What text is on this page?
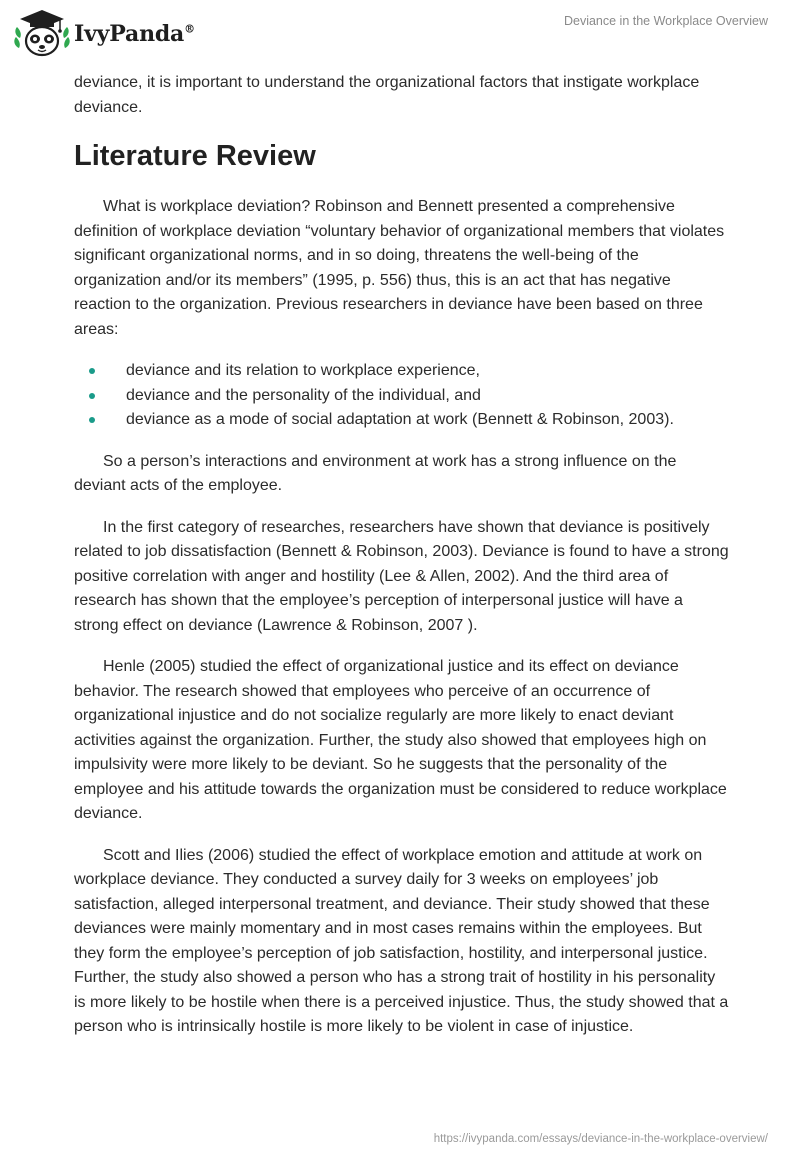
IvyPanda®
Deviance in the Workplace Overview

deviance, it is important to understand the organizational factors that instigate workplace deviance.

Literature Review

What is workplace deviation? Robinson and Bennett presented a comprehensive definition of workplace deviation “voluntary behavior of organizational members that violates significant organizational norms, and in so doing, threatens the well-being of the organization and/or its members” (1995, p. 556) thus, this is an act that has negative reaction to the organization. Previous researchers in deviance have been based on three areas:

deviance and its relation to workplace experience,
deviance and the personality of the individual, and
deviance as a mode of social adaptation at work (Bennett & Robinson, 2003).

So a person’s interactions and environment at work has a strong influence on the deviant acts of the employee.

In the first category of researches, researchers have shown that deviance is positively related to job dissatisfaction (Bennett & Robinson, 2003). Deviance is found to have a strong positive correlation with anger and hostility (Lee & Allen, 2002). And the third area of research has shown that the employee’s perception of interpersonal justice will have a strong effect on deviance (Lawrence & Robinson, 2007 ).

Henle (2005) studied the effect of organizational justice and its effect on deviance behavior. The research showed that employees who perceive of an occurrence of organizational injustice and do not socialize regularly are more likely to enact deviant activities against the organization. Further, the study also showed that employees high on impulsivity were more likely to be deviant. So he suggests that the personality of the employee and his attitude towards the organization must be considered to reduce workplace deviance.

Scott and Ilies (2006) studied the effect of workplace emotion and attitude at work on workplace deviance. They conducted a survey daily for 3 weeks on employees’ job satisfaction, alleged interpersonal treatment, and deviance. Their study showed that these deviances were mainly momentary and in most cases remains within the employees. But they form the employee’s perception of job satisfaction, hostility, and interpersonal justice. Further, the study also showed a person who has a strong trait of hostility in his personality is more likely to be hostile when there is a perceived injustice. Thus, the study showed that a person who is intrinsically hostile is more likely to be violent in case of injustice.

https://ivypanda.com/essays/deviance-in-the-workplace-overview/
